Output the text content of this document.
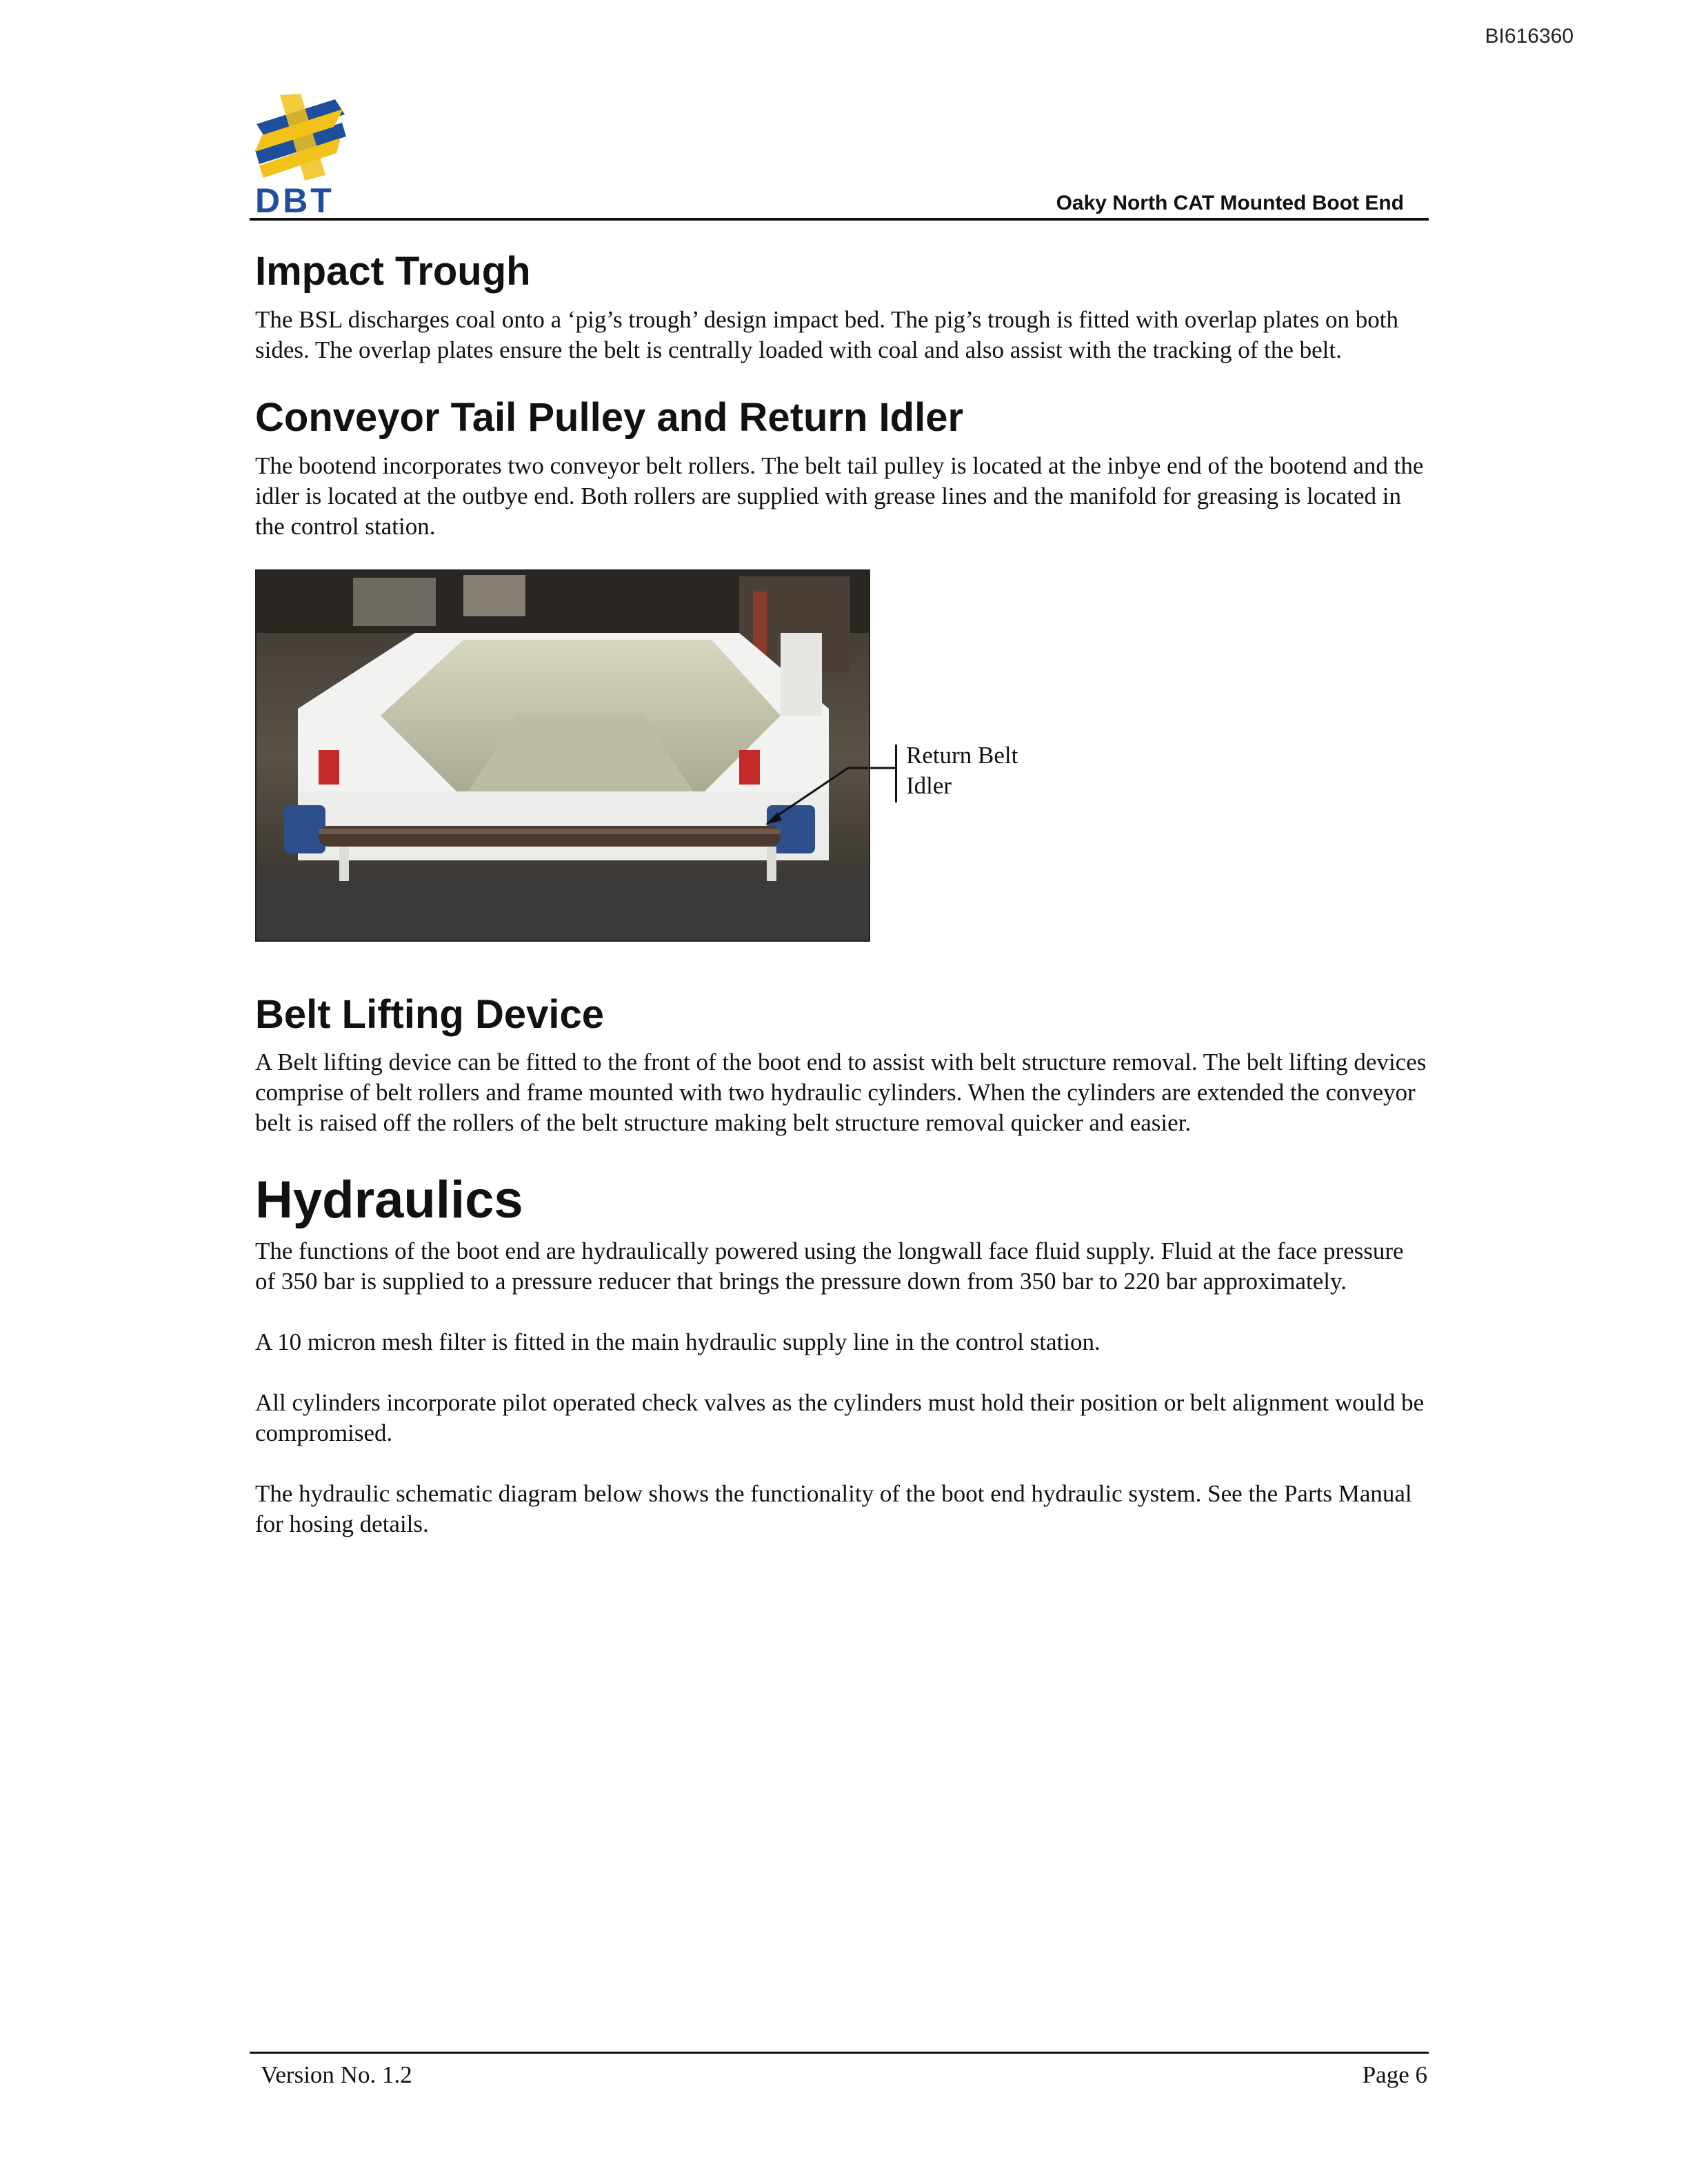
BI616360
DBT	Oaky North CAT Mounted Boot End
Impact Trough

The BSL discharges coal onto a ‘pig’s trough’ design impact bed. The pig’s trough is fitted with overlap plates on both sides. The overlap plates ensure the belt is centrally loaded with coal and also assist with the tracking of the belt.

Conveyor Tail Pulley and Return Idler

The bootend incorporates two conveyor belt rollers. The belt tail pulley is located at the inbye end of the bootend and the idler is located at the outbye end. Both rollers are supplied with grease lines and the manifold for greasing is located in the control station.

Return Belt
Idler
Belt Lifting Device

A Belt lifting device can be fitted to the front of the boot end to assist with belt structure removal. The belt lifting devices comprise of belt rollers and frame mounted with two hydraulic cylinders. When the cylinders are extended the conveyor belt is raised off the rollers of the belt structure making belt structure removal quicker and easier.

Hydraulics

The functions of the boot end are hydraulically powered using the longwall face fluid supply. Fluid at the face pressure of 350 bar is supplied to a pressure reducer that brings the pressure down from 350 bar to 220 bar approximately.

A 10 micron mesh filter is fitted in the main hydraulic supply line in the control station.

All cylinders incorporate pilot operated check valves as the cylinders must hold their position or belt alignment would be compromised.

The hydraulic schematic diagram below shows the functionality of the boot end hydraulic system. See the Parts Manual for hosing details.

Version No. 1.2	Page 6
